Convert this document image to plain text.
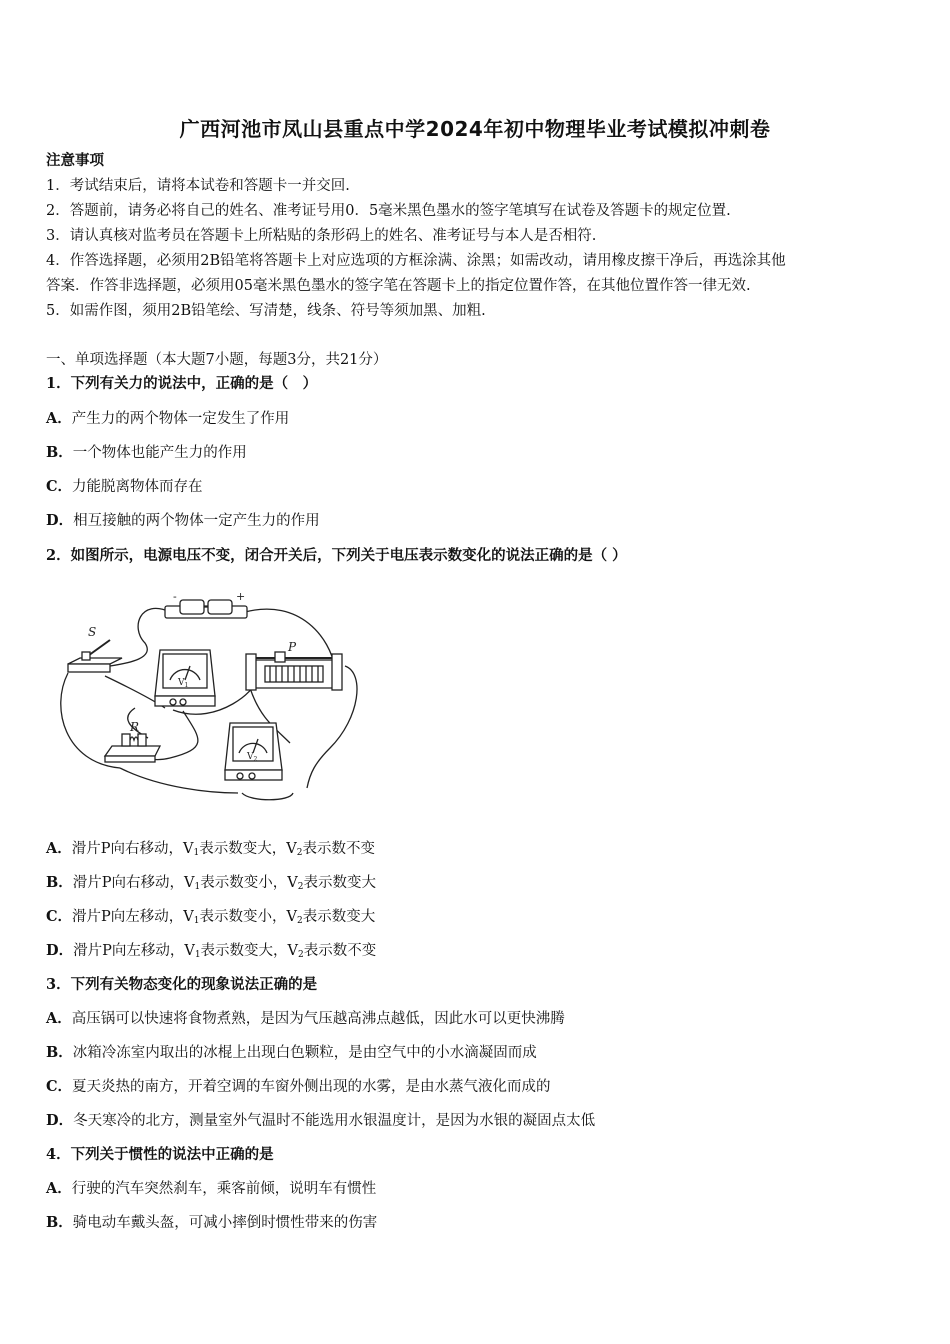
广西河池市凤山县重点中学2024年初中物理毕业考试模拟冲刺卷
注意事项
1．考试结束后，请将本试卷和答题卡一并交回.
2．答题前，请务必将自己的姓名、准考证号用0．5毫米黑色墨水的签字笔填写在试卷及答题卡的规定位置.
3．请认真核对监考员在答题卡上所粘贴的条形码上的姓名、准考证号与本人是否相符.
4．作答选择题，必须用2B铅笔将答题卡上对应选项的方框涂满、涂黑；如需改动，请用橡皮擦干净后，再选涂其他
答案．作答非选择题，必须用05毫米黑色墨水的签字笔在答题卡上的指定位置作答，在其他位置作答一律无效.
5．如需作图，须用2B铅笔绘、写清楚，线条、符号等须加黑、加粗.
一、单项选择题（本大题7小题，每题3分，共21分）
1．下列有关力的说法中，正确的是（　）
A．产生力的两个物体一定发生了作用
B．一个物体也能产生力的作用
C．力能脱离物体而存在
D．相互接触的两个物体一定产生力的作用
2．如图所示，电源电压不变，闭合开关后，下列关于电压表示数变化的说法正确的是（ ）
-	+
S
$V_1$
P
R
$V_2$
A．滑片P向右移动，$V_1$表示数变大，$V_2$表示数不变
B．滑片P向右移动，$V_1$表示数变小，$V_2$表示数变大
C．滑片P向左移动，$V_1$表示数变小，$V_2$表示数变大
D．滑片P向左移动，$V_1$表示数变大，$V_2$表示数不变
3．下列有关物态变化的现象说法正确的是
A．高压锅可以快速将食物煮熟，是因为气压越高沸点越低，因此水可以更快沸腾
B．冰箱冷冻室内取出的冰棍上出现白色颗粒，是由空气中的小水滴凝固而成
C．夏天炎热的南方，开着空调的车窗外侧出现的水雾，是由水蒸气液化而成的
D．冬天寒冷的北方，测量室外气温时不能选用水银温度计，是因为水银的凝固点太低
4．下列关于惯性的说法中正确的是
A．行驶的汽车突然刹车，乘客前倾，说明车有惯性
B．骑电动车戴头盔，可减小摔倒时惯性带来的伤害
